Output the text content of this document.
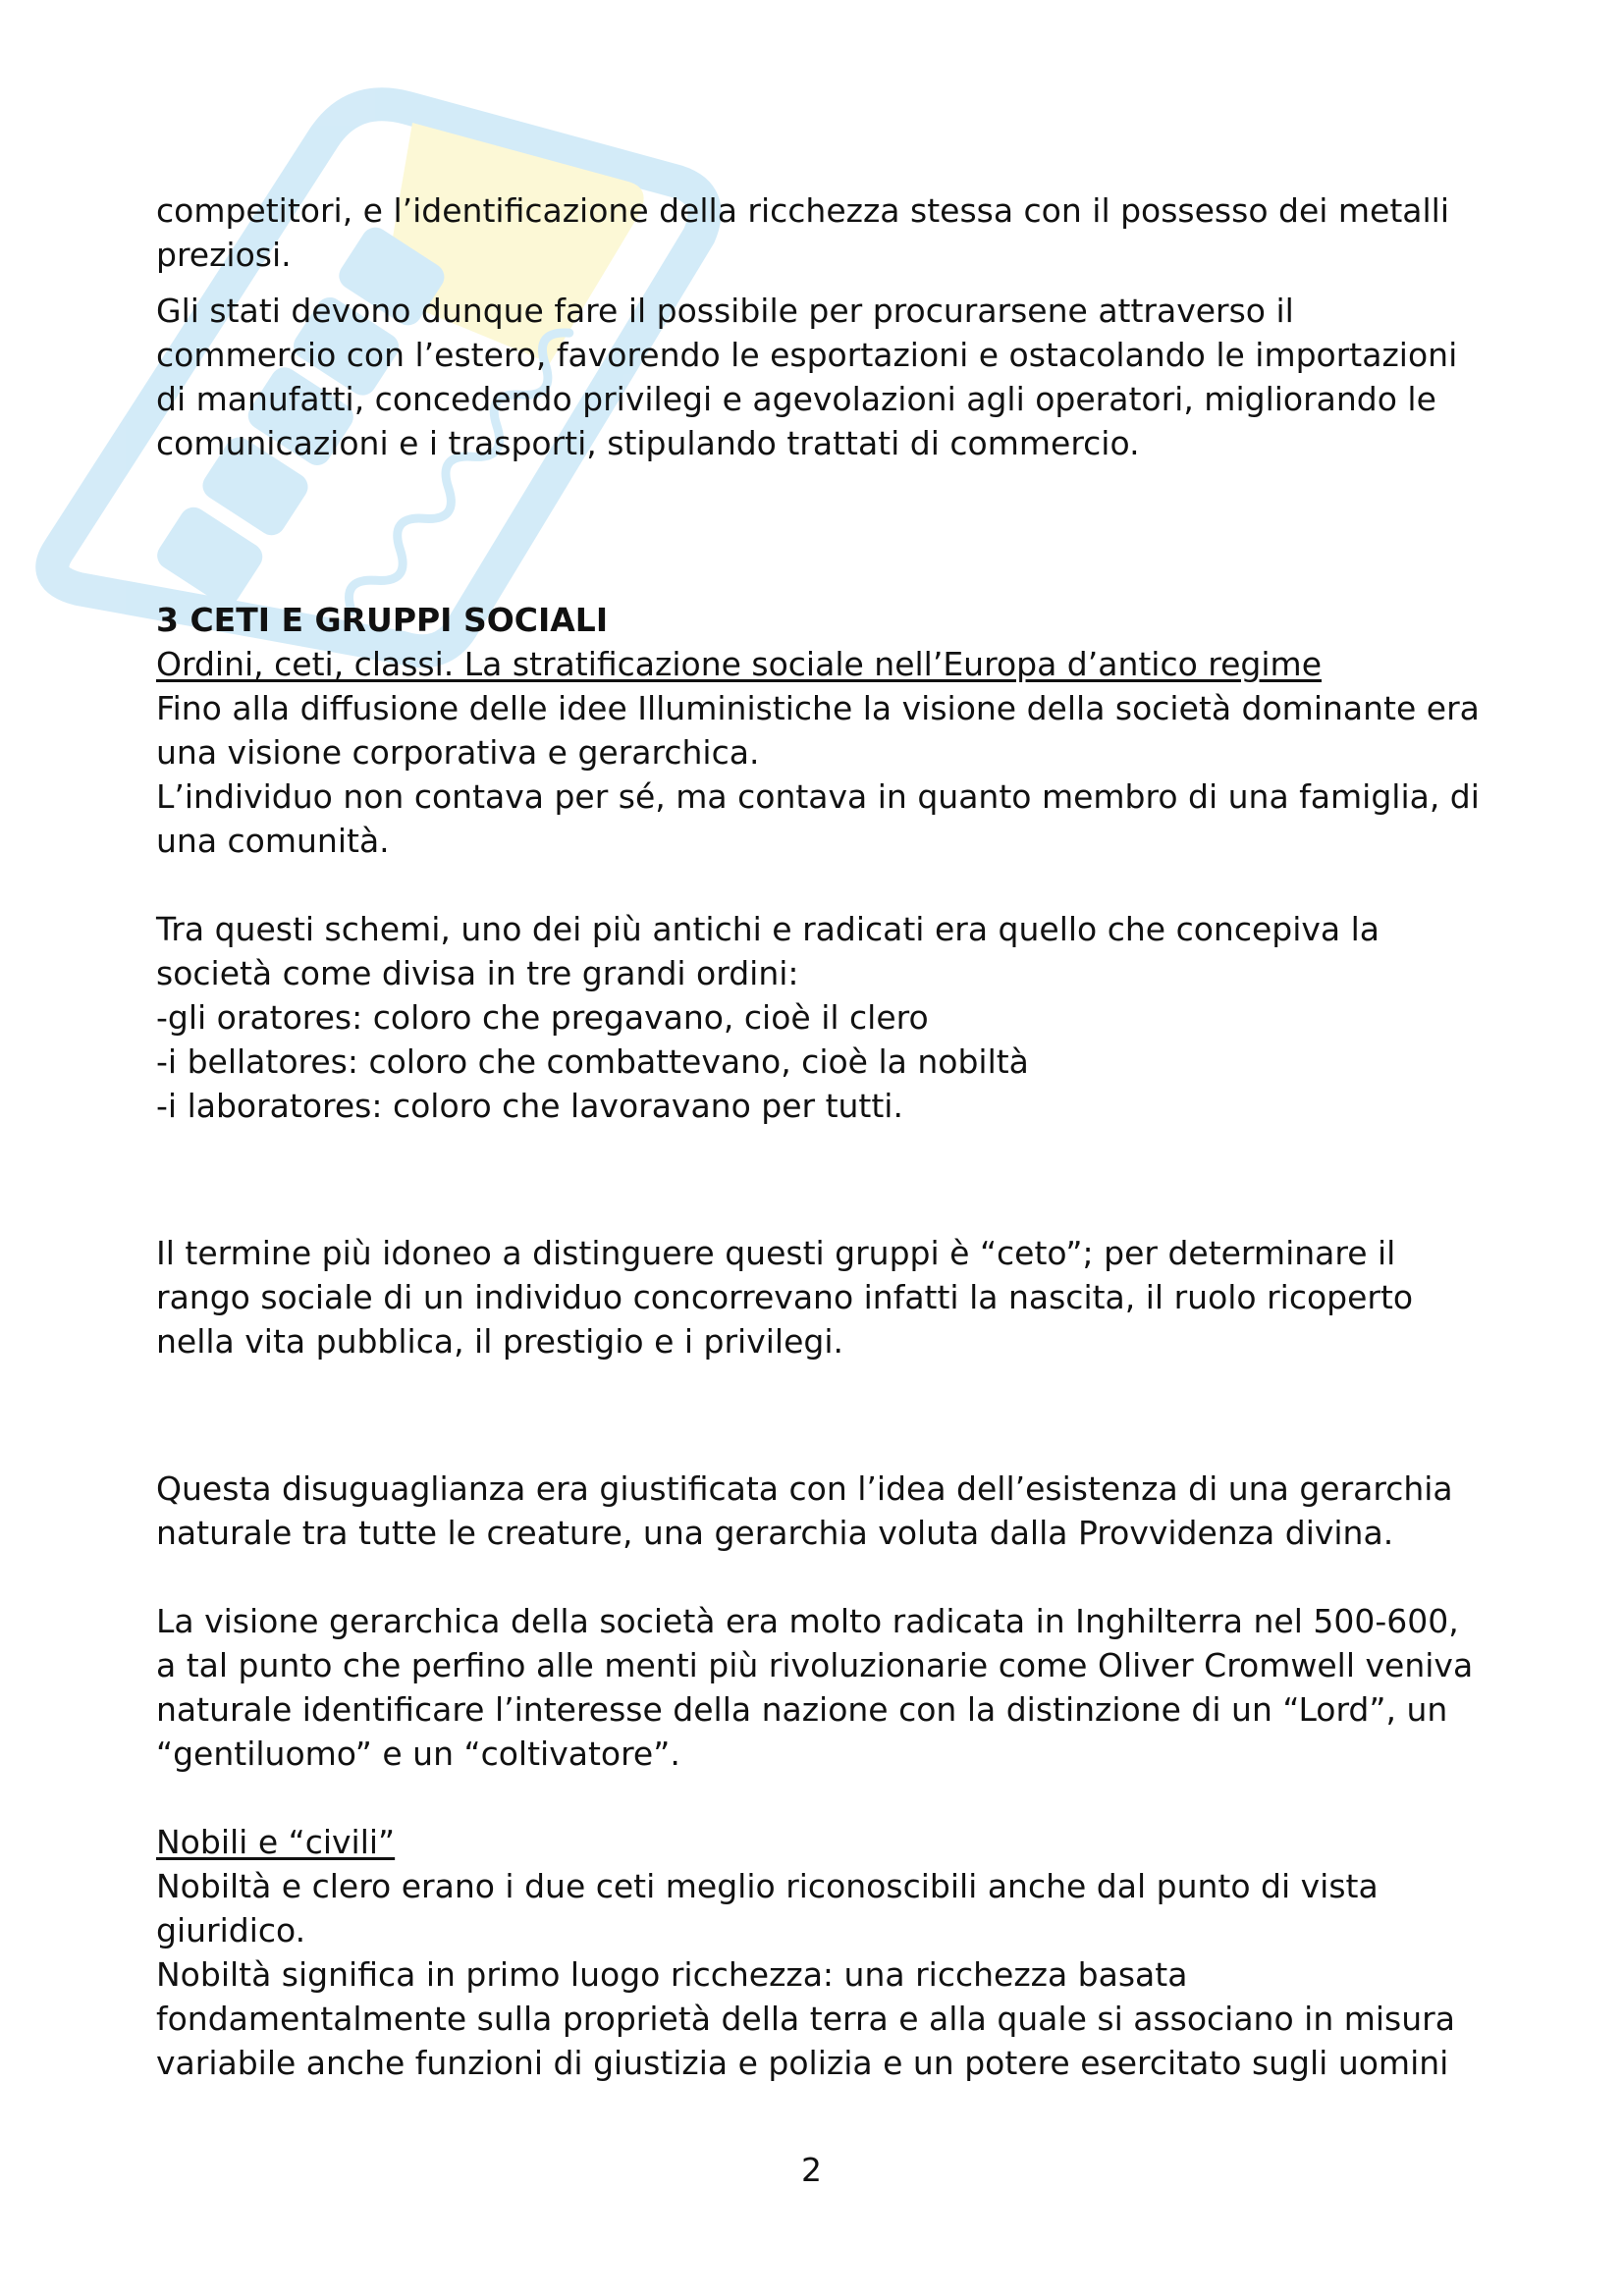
competitori, e l’identificazione della ricchezza stessa con il possesso dei metalli preziosi.

Gli stati devono dunque fare il possibile per procurarsene attraverso il commercio con l’estero, favorendo le esportazioni e ostacolando le importazioni di manufatti, concedendo privilegi e agevolazioni agli operatori, migliorando le comunicazioni e i trasporti, stipulando trattati di commercio.

3 CETI E GRUPPI SOCIALI

Ordini, ceti, classi. La stratificazione sociale nell’Europa d’antico regime

Fino alla diffusione delle idee Illuministiche la visione della società dominante era una visione corporativa e gerarchica.

L’individuo non contava per sé, ma contava in quanto membro di una famiglia, di una comunità.

Tra questi schemi, uno dei più antichi e radicati era quello che concepiva la società come divisa in tre grandi ordini:

-gli oratores: coloro che pregavano, cioè il clero

-i bellatores: coloro che combattevano, cioè la nobiltà

-i laboratores: coloro che lavoravano per tutti.

Il termine più idoneo a distinguere questi gruppi è “ceto”; per determinare il rango sociale di un individuo concorrevano infatti la nascita, il ruolo ricoperto nella vita pubblica, il prestigio e i privilegi.

Questa disuguaglianza era giustificata con l’idea dell’esistenza di una gerarchia naturale tra tutte le creature, una gerarchia voluta dalla Provvidenza divina.

La visione gerarchica della società era molto radicata in Inghilterra nel 500-600, a tal punto che perfino alle menti più rivoluzionarie come Oliver Cromwell veniva naturale identificare l’interesse della nazione con la distinzione di un “Lord”, un “gentiluomo” e un “coltivatore”.

Nobili e “civili”

Nobiltà e clero erano i due ceti meglio riconoscibili anche dal punto di vista giuridico.

Nobiltà significa in primo luogo ricchezza: una ricchezza basata fondamentalmente sulla proprietà della terra e alla quale si associano in misura variabile anche funzioni di giustizia e polizia e un potere esercitato sugli uomini

2
